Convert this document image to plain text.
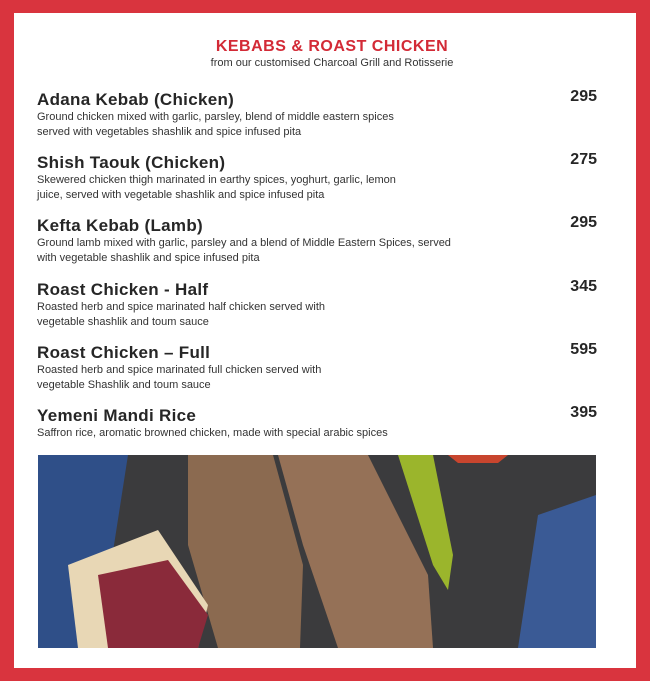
KEBABS & ROAST CHICKEN
from our customised Charcoal Grill and Rotisserie
Adana Kebab (Chicken)
Ground chicken mixed with garlic, parsley, blend of middle eastern spices served with vegetables shashlik and spice infused pita
295
Shish Taouk (Chicken)
Skewered chicken thigh marinated in earthy spices, yoghurt, garlic, lemon juice, served with vegetable shashlik and spice infused pita
275
Kefta Kebab (Lamb)
Ground lamb mixed with garlic, parsley and a blend of Middle Eastern Spices, served with vegetable shashlik and spice infused pita
295
Roast Chicken - Half
Roasted herb and spice marinated half chicken served with vegetable shashlik and toum sauce
345
Roast Chicken – Full
Roasted herb and spice marinated full chicken served with vegetable Shashlik and toum sauce
595
Yemeni Mandi Rice
Saffron rice, aromatic browned chicken, made with special arabic spices
395
